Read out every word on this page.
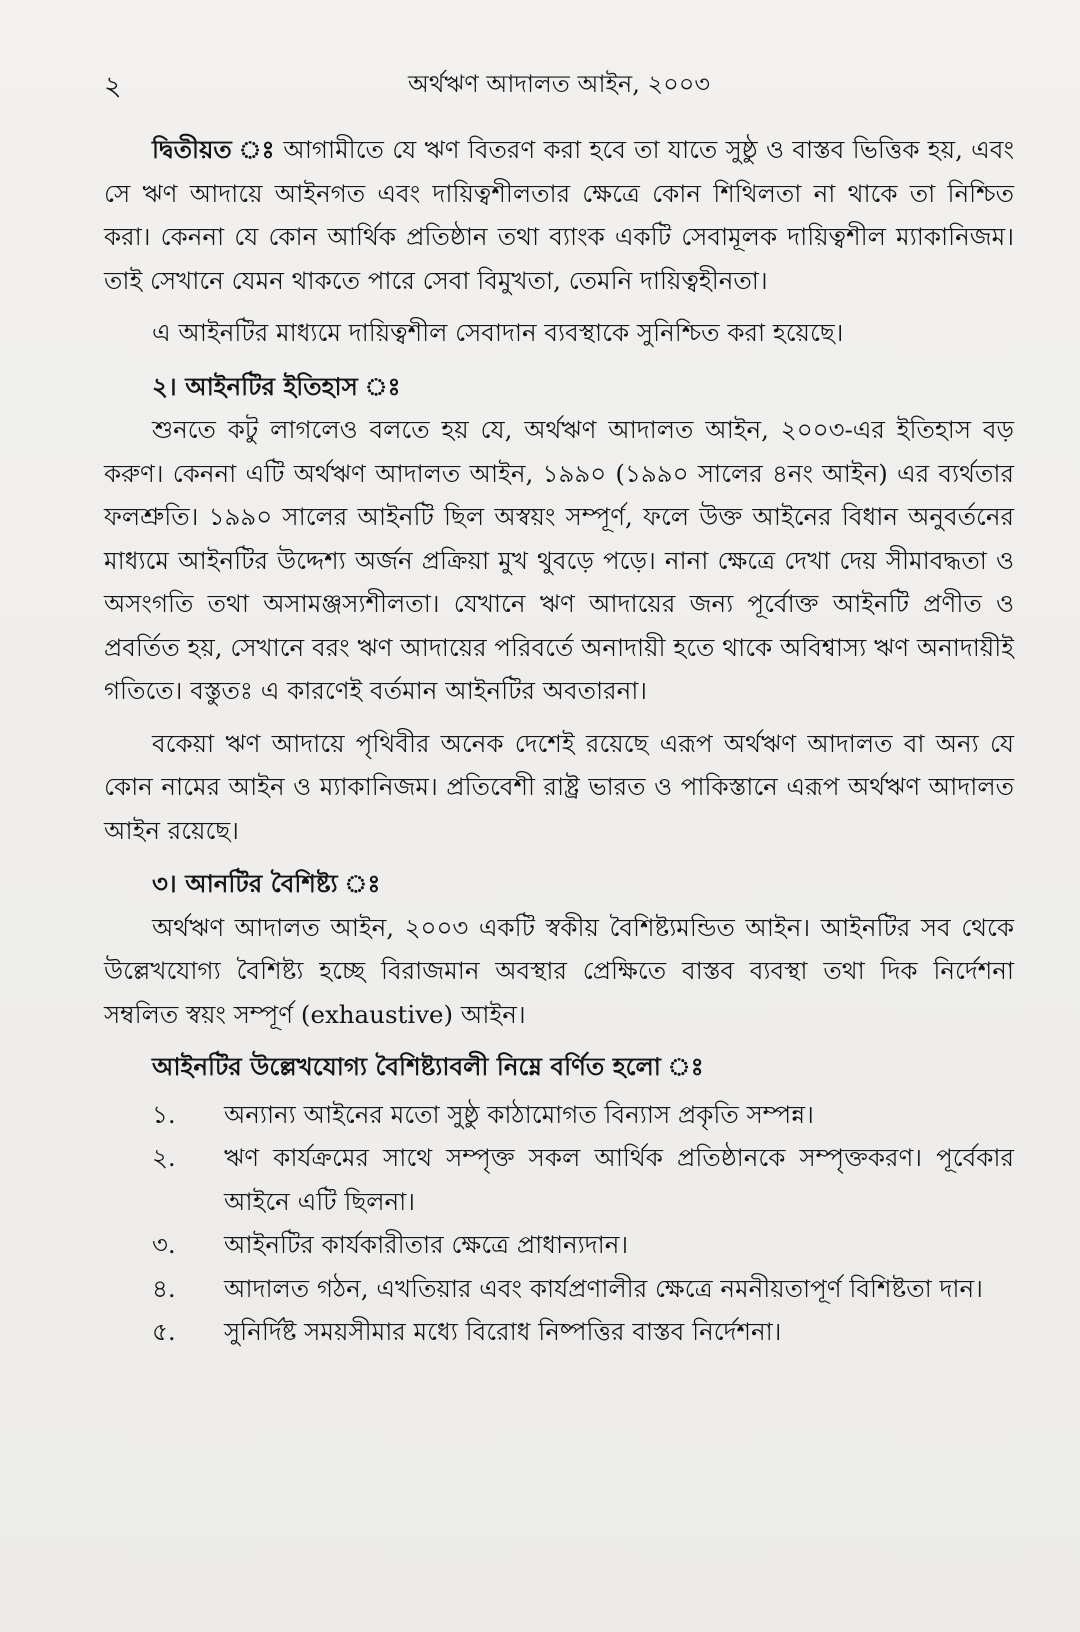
২	অর্থঋণ আদালত আইন, ২০০৩

দ্বিতীয়ত ঃ আগামীতে যে ঋণ বিতরণ করা হবে তা যাতে সুষ্ঠু ও বাস্তব ভিত্তিক হয়, এবং সে ঋণ আদায়ে আইনগত এবং দায়িত্বশীলতার ক্ষেত্রে কোন শিথিলতা না থাকে তা নিশ্চিত করা। কেননা যে কোন আর্থিক প্রতিষ্ঠান তথা ব্যাংক একটি সেবামূলক দায়িত্বশীল ম্যাকানিজম। তাই সেখানে যেমন থাকতে পারে সেবা বিমুখতা, তেমনি দায়িত্বহীনতা।

এ আইনটির মাধ্যমে দায়িত্বশীল সেবাদান ব্যবস্থাকে সুনিশ্চিত করা হয়েছে।

২। আইনটির ইতিহাস ঃ

শুনতে কটু লাগলেও বলতে হয় যে, অর্থঋণ আদালত আইন, ২০০৩-এর ইতিহাস বড় করুণ। কেননা এটি অর্থঋণ আদালত আইন, ১৯৯০ (১৯৯০ সালের ৪নং আইন) এর ব্যর্থতার ফলশ্রুতি। ১৯৯০ সালের আইনটি ছিল অস্বয়ং সম্পূর্ণ, ফলে উক্ত আইনের বিধান অনুবর্তনের মাধ্যমে আইনটির উদ্দেশ্য অর্জন প্রক্রিয়া মুখ থুবড়ে পড়ে। নানা ক্ষেত্রে দেখা দেয় সীমাবদ্ধতা ও অসংগতি তথা অসামঞ্জস্যশীলতা। যেখানে ঋণ আদায়ের জন্য পূর্বোক্ত আইনটি প্রণীত ও প্রবর্তিত হয়, সেখানে বরং ঋণ আদায়ের পরিবর্তে অনাদায়ী হতে থাকে অবিশ্বাস্য ঋণ অনাদায়ীই গতিতে। বস্তুতঃ এ কারণেই বর্তমান আইনটির অবতারনা।

বকেয়া ঋণ আদায়ে পৃথিবীর অনেক দেশেই রয়েছে এরূপ অর্থঋণ আদালত বা অন্য যে কোন নামের আইন ও ম্যাকানিজম। প্রতিবেশী রাষ্ট্র ভারত ও পাকিস্তানে এরূপ অর্থঋণ আদালত আইন রয়েছে।

৩। আনটির বৈশিষ্ট্য ঃ

অর্থঋণ আদালত আইন, ২০০৩ একটি স্বকীয় বৈশিষ্ট্যমন্ডিত আইন। আইনটির সব থেকে উল্লেখযোগ্য বৈশিষ্ট্য হচ্ছে বিরাজমান অবস্থার প্রেক্ষিতে বাস্তব ব্যবস্থা তথা দিক নির্দেশনা সম্বলিত স্বয়ং সম্পূর্ণ (exhaustive) আইন।

আইনটির উল্লেখযোগ্য বৈশিষ্ট্যাবলী নিম্নে বর্ণিত হলো ঃ

১.	অন্যান্য আইনের মতো সুষ্ঠু কাঠামোগত বিন্যাস প্রকৃতি সম্পন্ন।
২.	ঋণ কার্যক্রমের সাথে সম্পৃক্ত সকল আর্থিক প্রতিষ্ঠানকে সম্পৃক্তকরণ। পূর্বেকার আইনে এটি ছিলনা।
৩.	আইনটির কার্যকারীতার ক্ষেত্রে প্রাধান্যদান।
৪.	আদালত গঠন, এখতিয়ার এবং কার্যপ্রণালীর ক্ষেত্রে নমনীয়তাপূর্ণ বিশিষ্টতা দান।
৫.	সুনির্দিষ্ট সময়সীমার মধ্যে বিরোধ নিষ্পত্তির বাস্তব নির্দেশনা।
